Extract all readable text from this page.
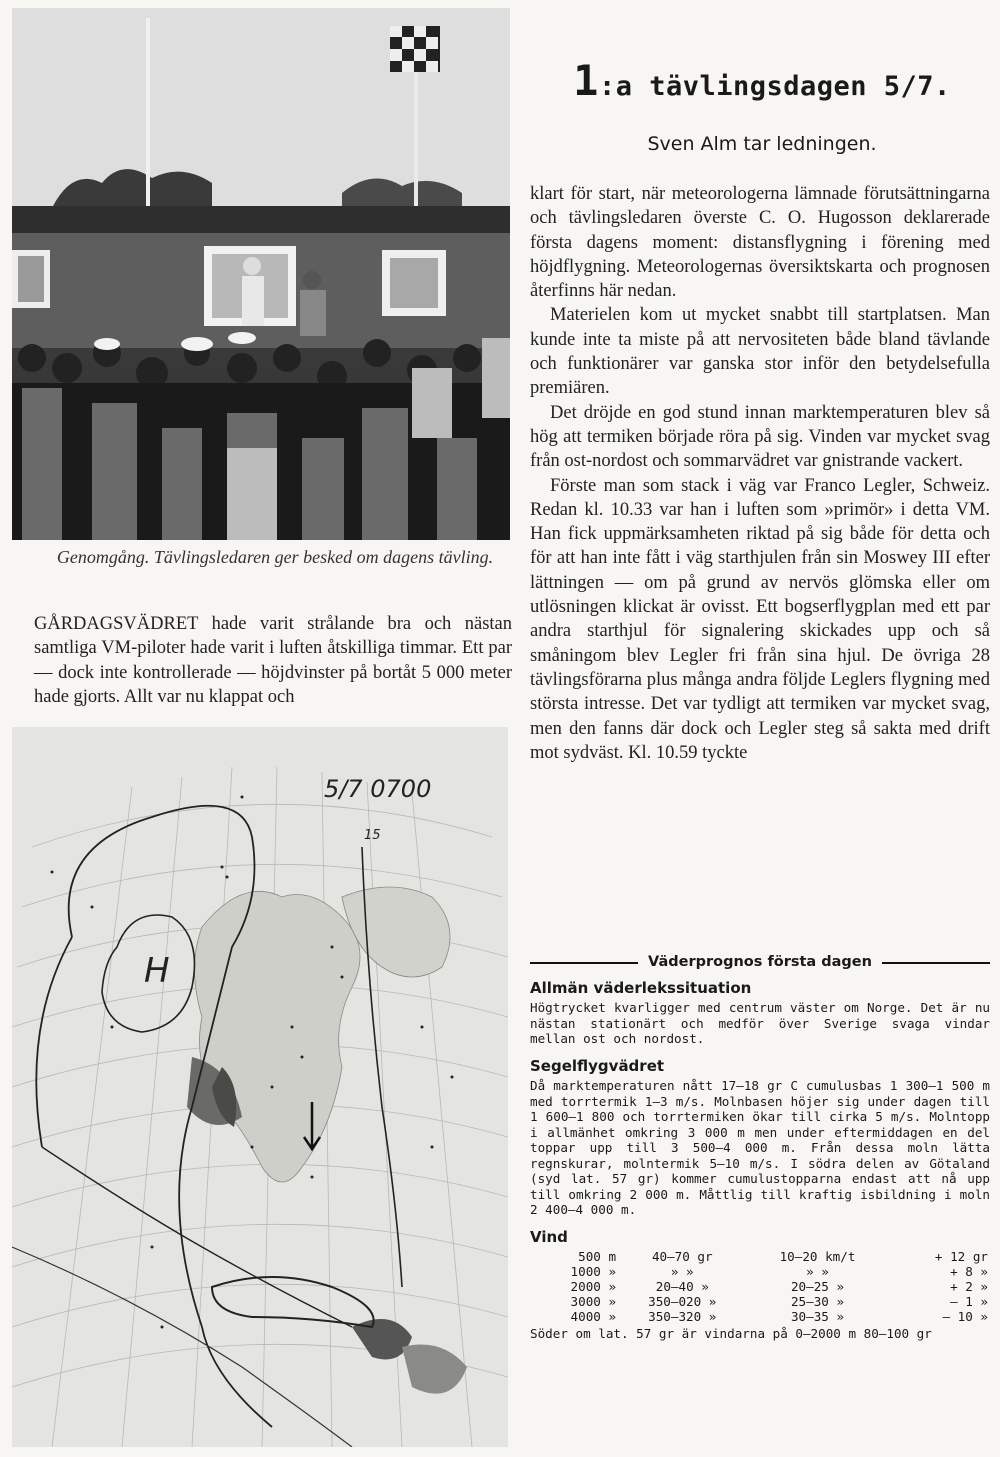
Genomgång. Tävlingsledaren ger besked om dagens tävling.

GÅRDAGSVÄDRET hade varit strålande bra och nästan samtliga VM-piloter hade varit i luften åtskilliga timmar. Ett par — dock inte kontrollerade — höjdvinster på bortåt 5 000 meter hade gjorts. Allt var nu klappat och

5/7 0700
H
15
1:a tävlingsdagen 5/7.
Sven Alm tar ledningen.

klart för start, när meteorologerna lämnade förutsättningarna och tävlingsledaren överste C. O. Hugosson deklarerade första dagens moment: distansflygning i förening med höjdflygning. Meteorologernas översiktskarta och prognosen återfinns här nedan.

Materielen kom ut mycket snabbt till startplatsen. Man kunde inte ta miste på att nervositeten både bland tävlande och funktionärer var ganska stor inför den betydelsefulla premiären.

Det dröjde en god stund innan marktemperaturen blev så hög att termiken började röra på sig. Vinden var mycket svag från ost-nordost och sommarvädret var gnistrande vackert.

Förste man som stack i väg var Franco Legler, Schweiz. Redan kl. 10.33 var han i luften som »primör» i detta VM. Han fick uppmärksamheten riktad på sig både för detta och för att han inte fått i väg starthjulen från sin Moswey III efter lättningen — om på grund av nervös glömska eller om utlösningen klickat är ovisst. Ett bogserflygplan med ett par andra starthjul för signalering skickades upp och så småningom blev Legler fri från sina hjul. De övriga 28 tävlingsförarna plus många andra följde Leglers flygning med största intresse. Det var tydligt att termiken var mycket svag, men den fanns där dock och Legler steg så sakta med drift mot sydväst. Kl. 10.59 tyckte

Väderprognos första dagen
Allmän väderlekssituation
Högtrycket kvarligger med centrum väster om Norge. Det är nu nästan stationärt och medför över Sverige svaga vindar mellan ost och nordost.
Segelflygvädret
Då marktemperaturen nått 17—18 gr C cumulusbas 1 300—1 500 m med torrtermik 1—3 m/s. Molnbasen höjer sig under dagen till 1 600—1 800 och torrtermiken ökar till cirka 5 m/s. Molntopp i allmänhet omkring 3 000 m men under eftermiddagen en del toppar upp till 3 500—4 000 m. Från dessa moln lätta regnskurar, molntermik 5—10 m/s. I södra delen av Götaland (syd lat. 57 gr) kommer cumulustopparna endast att nå upp till omkring 2 000 m. Måttlig till kraftig isbildning i moln 2 400—4 000 m.
Vind
500 m	40—70 gr	10—20 km/t	+ 12 gr
1000 »	» »	» »	+ 8 »
2000 »	20—40 »	20—25 »	+ 2 »
3000 »	350—020 »	25—30 »	— 1 »
4000 »	350—320 »	30—35 »	— 10 »
Söder om lat. 57 gr är vindarna på 0—2000 m 80—100 gr
